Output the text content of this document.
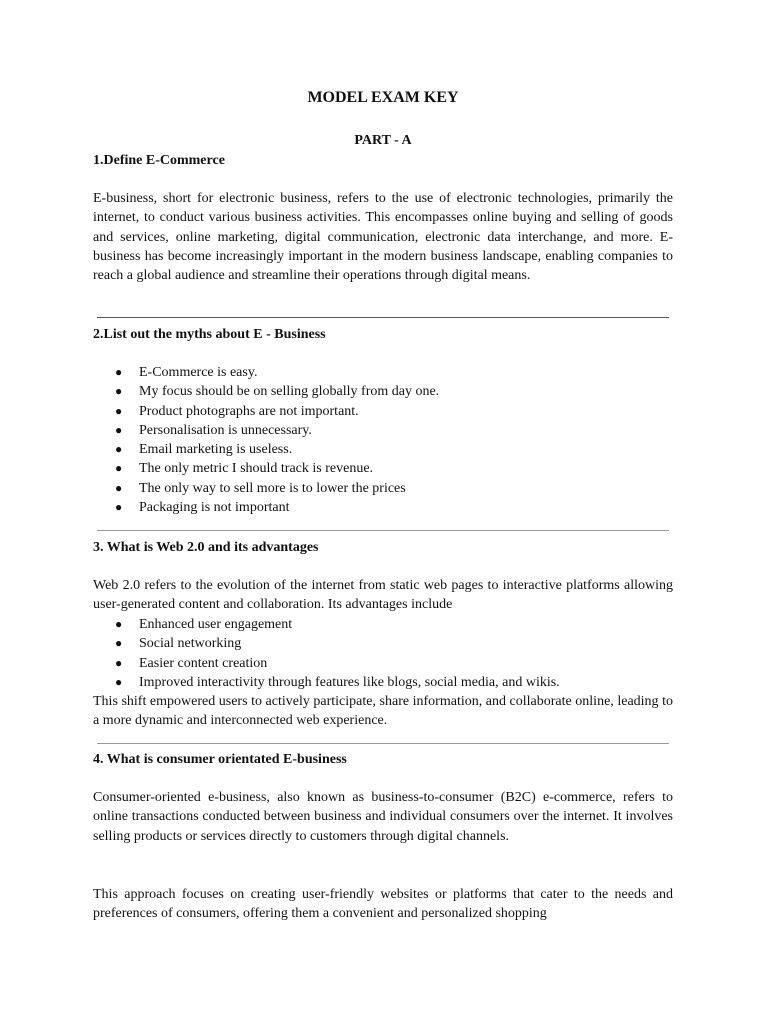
MODEL EXAM KEY
PART - A
1.Define E-Commerce

E-business, short for electronic business, refers to the use of electronic technologies, primarily the internet, to conduct various business activities. This encompasses online buying and selling of goods and services, online marketing, digital communication, electronic data interchange, and more. E-business has become increasingly important in the modern business landscape, enabling companies to reach a global audience and streamline their operations through digital means.

2.List out the myths about E - Business
● E-Commerce is easy.
● My focus should be on selling globally from day one.
● Product photographs are not important.
● Personalisation is unnecessary.
● Email marketing is useless.
● The only metric I should track is revenue.
● The only way to sell more is to lower the prices
● Packaging is not important
3. What is Web 2.0 and its advantages

Web 2.0 refers to the evolution of the internet from static web pages to interactive platforms allowing user-generated content and collaboration. Its advantages include

● Enhanced user engagement
● Social networking
● Easier content creation
● Improved interactivity through features like blogs, social media, and wikis.

This shift empowered users to actively participate, share information, and collaborate online, leading to a more dynamic and interconnected web experience.

4. What is consumer orientated E-business

Consumer-oriented e-business, also known as business-to-consumer (B2C) e-commerce, refers to online transactions conducted between business and individual consumers over the internet. It involves selling products or services directly to customers through digital channels.

This approach focuses on creating user-friendly websites or platforms that cater to the needs and preferences of consumers, offering them a convenient and personalized shopping
